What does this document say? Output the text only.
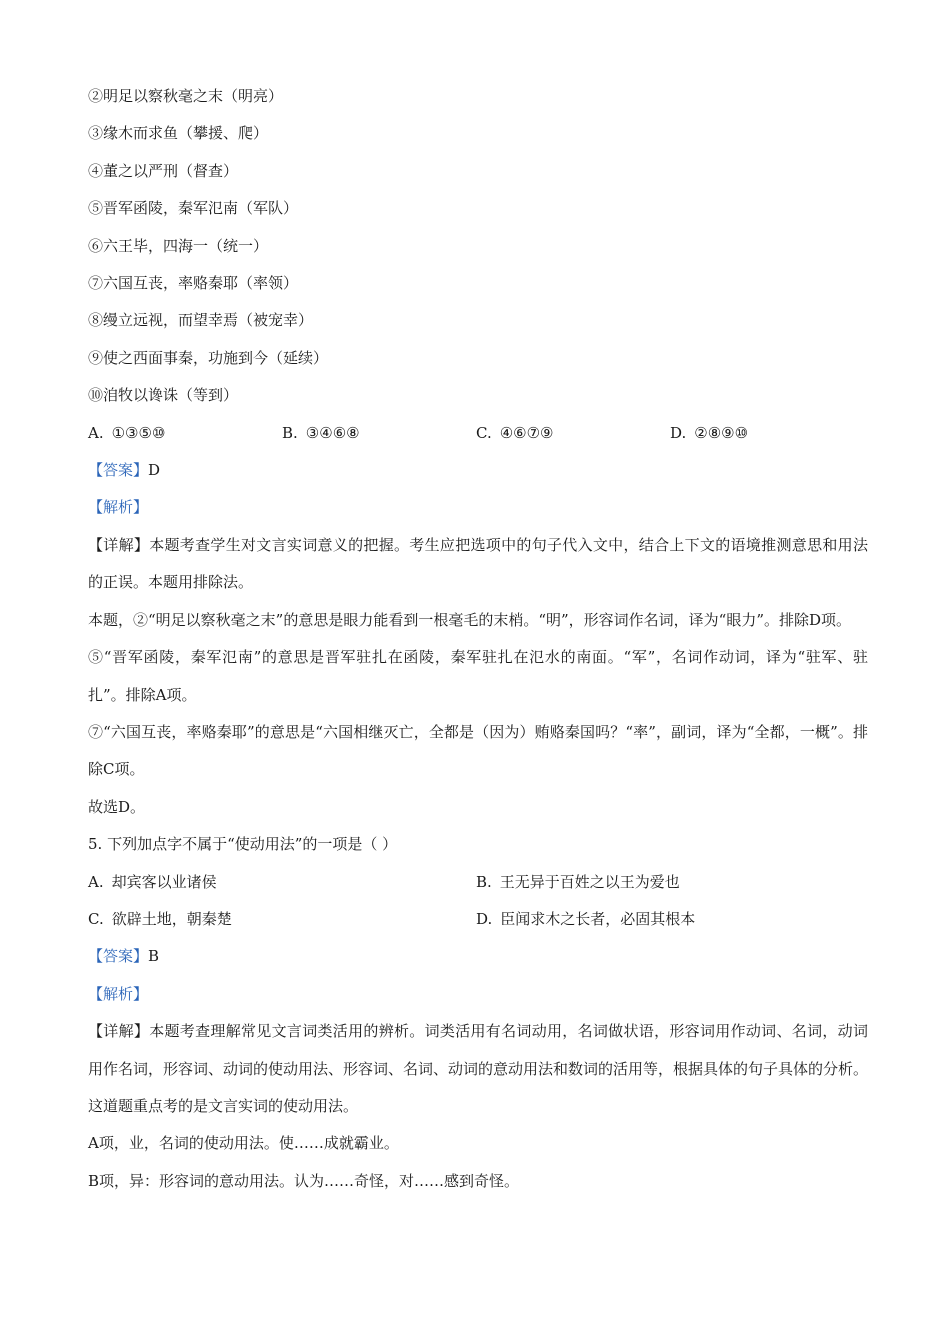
②明足以察秋毫之末（明亮）
③缘木而求鱼（攀援、爬）
④董之以严刑（督查）
⑤晋军函陵，秦军氾南（军队）
⑥六王毕，四海一（统一）
⑦六国互丧，率赂秦耶（率领）
⑧缦立远视，而望幸焉（被宠幸）
⑨使之西面事秦，功施到今（延续）
⑩洎牧以谗诛（等到）
A. ①③⑤⑩	B. ③④⑥⑧	C. ④⑥⑦⑨	D. ②⑧⑨⑩
【答案】D
【解析】
【详解】本题考查学生对文言实词意义的把握。考生应把选项中的句子代入文中，结合上下文的语境推测意思和用法的正误。本题用排除法。
本题，②“明足以察秋毫之末”的意思是眼力能看到一根毫毛的末梢。“明”，形容词作名词，译为“眼力”。排除D项。
⑤“晋军函陵，秦军氾南”的意思是晋军驻扎在函陵，秦军驻扎在氾水的南面。“军”，名词作动词，译为“驻军、驻扎”。排除A项。
⑦“六国互丧，率赂秦耶”的意思是“六国相继灭亡，全都是（因为）贿赂秦国吗？“率”，副词，译为“全都，一概”。排除C项。
故选D。
5. 下列加点字不属于“使动用法”的一项是（ ）
A. 却宾客以业诸侯	B. 王无异于百姓之以王为爱也
C. 欲辟土地，朝秦楚	D. 臣闻求木之长者，必固其根本
【答案】B
【解析】
【详解】本题考查理解常见文言词类活用的辨析。词类活用有名词动用，名词做状语，形容词用作动词、名词，动词用作名词，形容词、动词的使动用法、形容词、名词、动词的意动用法和数词的活用等，根据具体的句子具体的分析。这道题重点考的是文言实词的使动用法。
A项，业，名词的使动用法。使……成就霸业。
B项，异：形容词的意动用法。认为……奇怪，对……感到奇怪。
